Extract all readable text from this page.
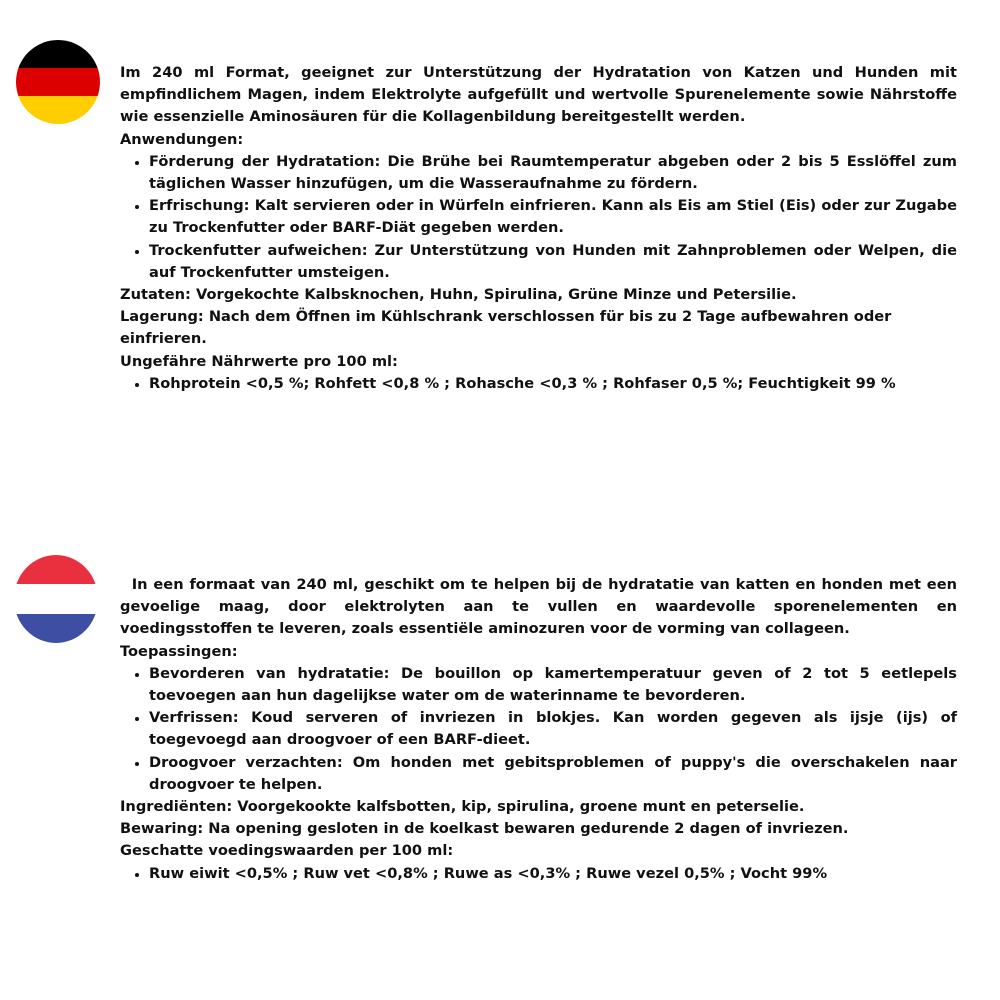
Im 240 ml Format, geeignet zur Unterstützung der Hydratation von Katzen und Hunden mit empfindlichem Magen, indem Elektrolyte aufgefüllt und wertvolle Spurenelemente sowie Nährstoffe wie essenzielle Aminosäuren für die Kollagenbildung bereitgestellt werden.

Anwendungen:

• Förderung der Hydratation: Die Brühe bei Raumtemperatur abgeben oder 2 bis 5 Esslöffel zum täglichen Wasser hinzufügen, um die Wasseraufnahme zu fördern.
• Erfrischung: Kalt servieren oder in Würfeln einfrieren. Kann als Eis am Stiel (Eis) oder zur Zugabe zu Trockenfutter oder BARF-Diät gegeben werden.
• Trockenfutter aufweichen: Zur Unterstützung von Hunden mit Zahnproblemen oder Welpen, die auf Trockenfutter umsteigen.

Zutaten: Vorgekochte Kalbsknochen, Huhn, Spirulina, Grüne Minze und Petersilie.

Lagerung: Nach dem Öffnen im Kühlschrank verschlossen für bis zu 2 Tage aufbewahren oder einfrieren.

Ungefähre Nährwerte pro 100 ml:

• Rohprotein <0,5 %; Rohfett <0,8 % ; Rohasche <0,3 % ; Rohfaser 0,5 %; Feuchtigkeit 99 %

In een formaat van 240 ml, geschikt om te helpen bij de hydratatie van katten en honden met een gevoelige maag, door elektrolyten aan te vullen en waardevolle sporenelementen en voedingsstoffen te leveren, zoals essentiële aminozuren voor de vorming van collageen.

Toepassingen:

• Bevorderen van hydratatie: De bouillon op kamertemperatuur geven of 2 tot 5 eetlepels toevoegen aan hun dagelijkse water om de waterinname te bevorderen.
• Verfrissen: Koud serveren of invriezen in blokjes. Kan worden gegeven als ijsje (ijs) of toegevoegd aan droogvoer of een BARF-dieet.
• Droogvoer verzachten: Om honden met gebitsproblemen of puppy's die overschakelen naar droogvoer te helpen.

Ingrediënten: Voorgekookte kalfsbotten, kip, spirulina, groene munt en peterselie.

Bewaring: Na opening gesloten in de koelkast bewaren gedurende 2 dagen of invriezen.

Geschatte voedingswaarden per 100 ml:

• Ruw eiwit <0,5% ; Ruw vet <0,8% ; Ruwe as <0,3% ; Ruwe vezel 0,5% ; Vocht 99%
